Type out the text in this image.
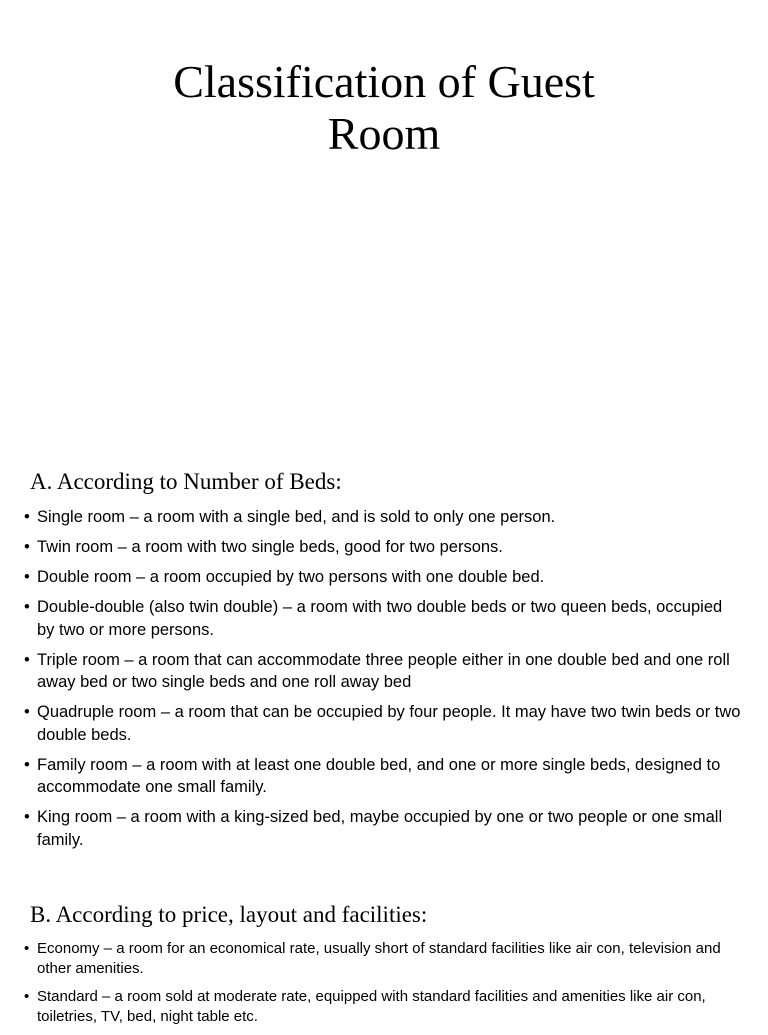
Classification of Guest
Room
A. According to Number of Beds:
• Single room – a room with a single bed, and is sold to only one person.
• Twin room – a room with two single beds, good for two persons.
• Double room – a room occupied by two persons with one double bed.
• Double-double (also twin double) – a room with two double beds or two queen beds, occupied by two or more persons.
• Triple room – a room that can accommodate three people either in one double bed and one roll away bed or two single beds and one roll away bed
• Quadruple room – a room that can be occupied by four people. It may have two twin beds or two double beds.
• Family room – a room with at least one double bed, and one or more single beds, designed to accommodate one small family.
• King room – a room with a king-sized bed, maybe occupied by one or two people or one small family.
B. According to price, layout and facilities:
• Economy – a room for an economical rate, usually short of standard facilities like air con, television and other amenities.
• Standard – a room sold at moderate rate, equipped with standard facilities and amenities like air con, toiletries, TV, bed, night table etc.
